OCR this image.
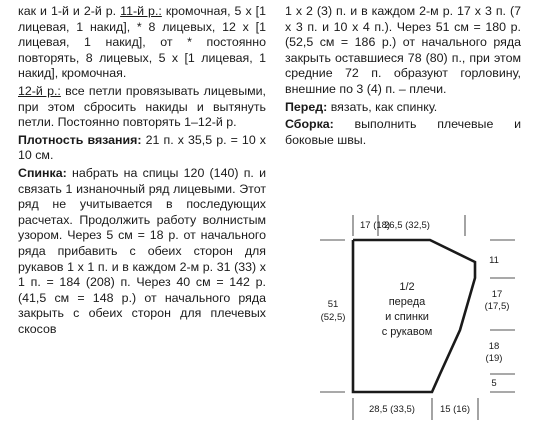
как и 1-й и 2-й р. 11-й р.: кромочная, 5 х [1 лицевая, 1 накид], * 8 лицевых, 12 х [1 лицевая, 1 накид], от * постоянно повторять, 8 лицевых, 5 х [1 лицевая, 1 накид], кромочная.

12-й р.: все петли провязывать лицевыми, при этом сбросить накиды и вытянуть петли. Постоянно повторять 1–12-й р.

Плотность вязания: 21 п. х 35,5 р. = 10 х 10 см.

Спинка: набрать на спицы 120 (140) п. и связать 1 изнаночный ряд лицевыми. Этот ряд не учитывается в последующих расчетах. Продолжить работу волнистым узором. Через 5 см = 18 р. от начального ряда прибавить с обеих сторон для рукавов 1 х 1 п. и в каждом 2-м р. 31 (33) х 1 п. = 184 (208) п. Через 40 см = 142 р. (41,5 см = 148 р.) от начального ряда закрыть с обеих сторон для плечевых скосов

1 х 2 (3) п. и в каждом 2-м р. 17 х 3 п. (7 х 3 п. и 10 х 4 п.). Через 51 см = 180 р. (52,5 см = 186 р.) от начального ряда закрыть оставшиеся 78 (80) п., при этом средние 72 п. образуют горловину, внешние по 3 (4) п. – плечи.

Перед: вязать, как спинку.

Сборка: выполнить плечевые и боковые швы.

17 (18)
26,5 (32,5)
51
(52,5)
11
17
(17,5)
18
(19)
5
28,5 (33,5)	15 (16)
1/2
переда
и спинки
с рукавом
